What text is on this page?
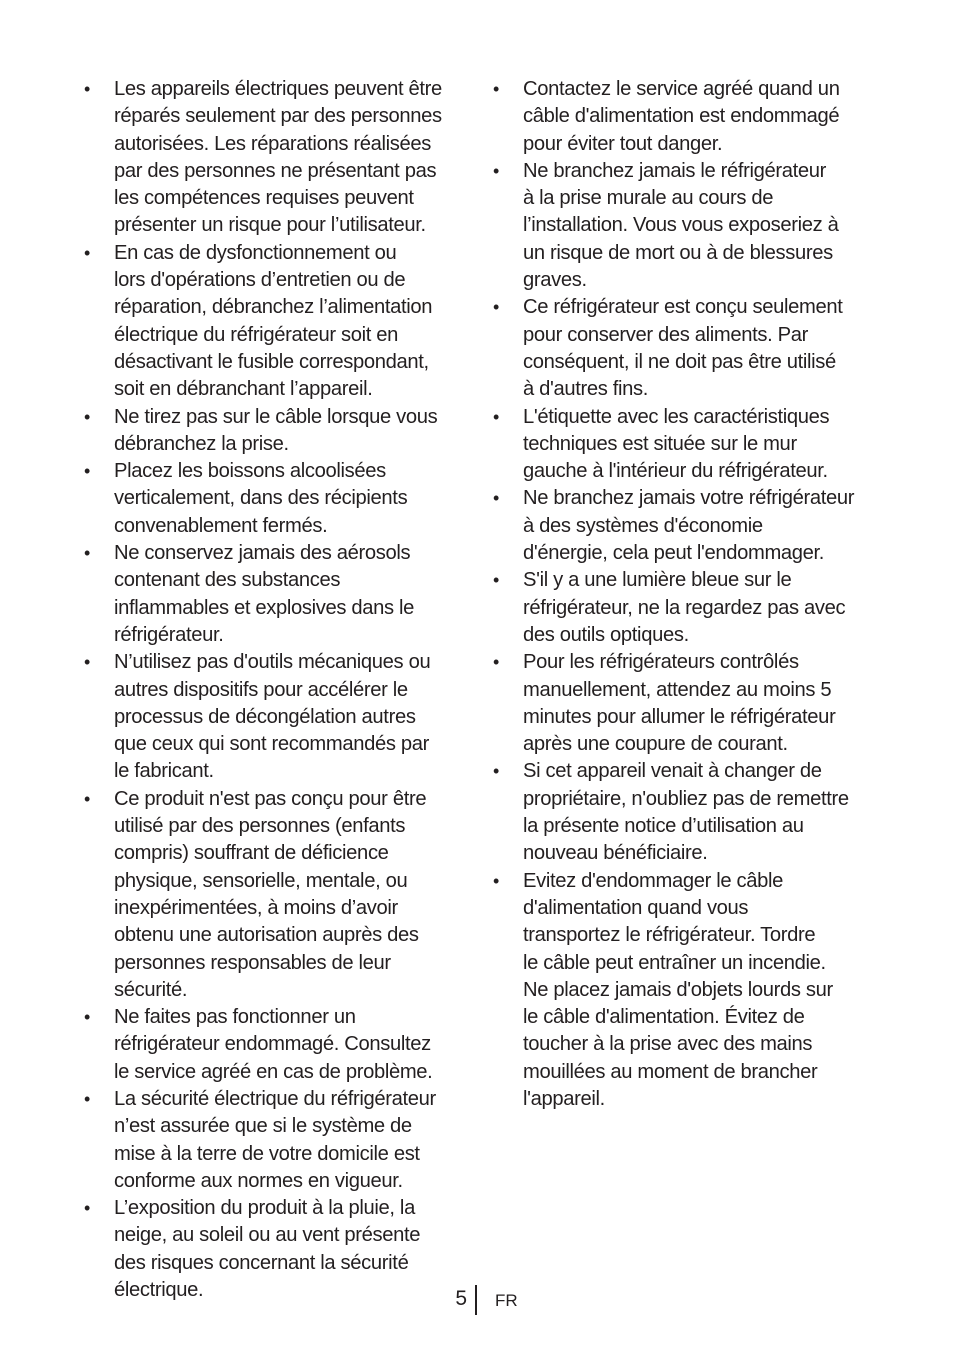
• Les appareils électriques peuvent être
réparés seulement par des personnes
autorisées. Les réparations réalisées
par des personnes ne présentant pas
les compétences requises peuvent
présenter un risque pour l’utilisateur.
• En cas de dysfonctionnement ou
lors d'opérations d’entretien ou de
réparation, débranchez l’alimentation
électrique du réfrigérateur soit en
désactivant le fusible correspondant,
soit en débranchant l’appareil.
• Ne tirez pas sur le câble lorsque vous
débranchez la prise.
• Placez les boissons alcoolisées
verticalement, dans des récipients
convenablement fermés.
• Ne conservez jamais des aérosols
contenant des substances
inflammables et explosives dans le
réfrigérateur.
• N’utilisez pas d'outils mécaniques ou
autres dispositifs pour accélérer le
processus de décongélation autres
que ceux qui sont recommandés par
le fabricant.
• Ce produit n'est pas conçu pour être
utilisé par des personnes (enfants
compris) souffrant de déficience
physique, sensorielle, mentale, ou
inexpérimentées, à moins d’avoir
obtenu une autorisation auprès des
personnes responsables de leur
sécurité.
• Ne faites pas fonctionner un
réfrigérateur endommagé. Consultez
le service agréé en cas de problème.
• La sécurité électrique du réfrigérateur
n’est assurée que si le système de
mise à la terre de votre domicile est
conforme aux normes en vigueur.
• L’exposition du produit à la pluie, la
neige, au soleil ou au vent présente
des risques concernant la sécurité
électrique.
• Contactez le service agréé quand un
câble d'alimentation est endommagé
pour éviter tout danger.
• Ne branchez jamais le réfrigérateur
à la prise murale au cours de
l’installation. Vous vous exposeriez à
un risque de mort ou à de blessures
graves.
• Ce réfrigérateur est conçu seulement
pour conserver des aliments. Par
conséquent, il ne doit pas être utilisé
à d'autres fins.
• L'étiquette avec les caractéristiques
techniques est située sur le mur
gauche à l'intérieur du réfrigérateur.
• Ne branchez jamais votre réfrigérateur
à des systèmes d'économie
d'énergie, cela peut l'endommager.
• S'il y a une lumière bleue sur le
réfrigérateur, ne la regardez pas avec
des outils optiques.
• Pour les réfrigérateurs contrôlés
manuellement, attendez au moins 5
minutes pour allumer le réfrigérateur
après une coupure de courant.
• Si cet appareil venait à changer de
propriétaire, n'oubliez pas de remettre
la présente notice d’utilisation au
nouveau bénéficiaire.
• Evitez d'endommager le câble
d'alimentation quand vous
transportez le réfrigérateur. Tordre
le câble peut entraîner un incendie.
Ne placez jamais d'objets lourds sur
le câble d'alimentation. Évitez de
toucher à la prise avec des mains
mouillées au moment de brancher
l'appareil.
5 FR
